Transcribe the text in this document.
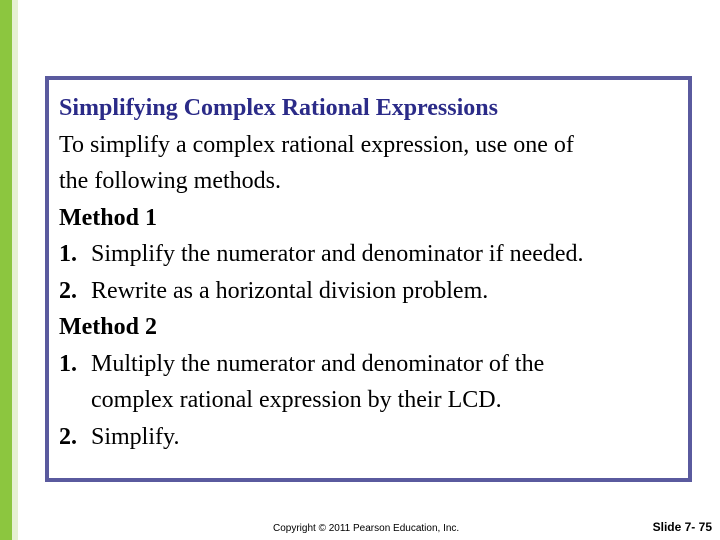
Simplifying Complex Rational Expressions
To simplify a complex rational expression, use one of
the following methods.
Method 1
1. Simplify the numerator and denominator if needed.
2. Rewrite as a horizontal division problem.
Method 2
1. Multiply the numerator and denominator of the
complex rational expression by their LCD.
2. Simplify.
Copyright © 2011 Pearson Education, Inc.	Slide 7- 75
